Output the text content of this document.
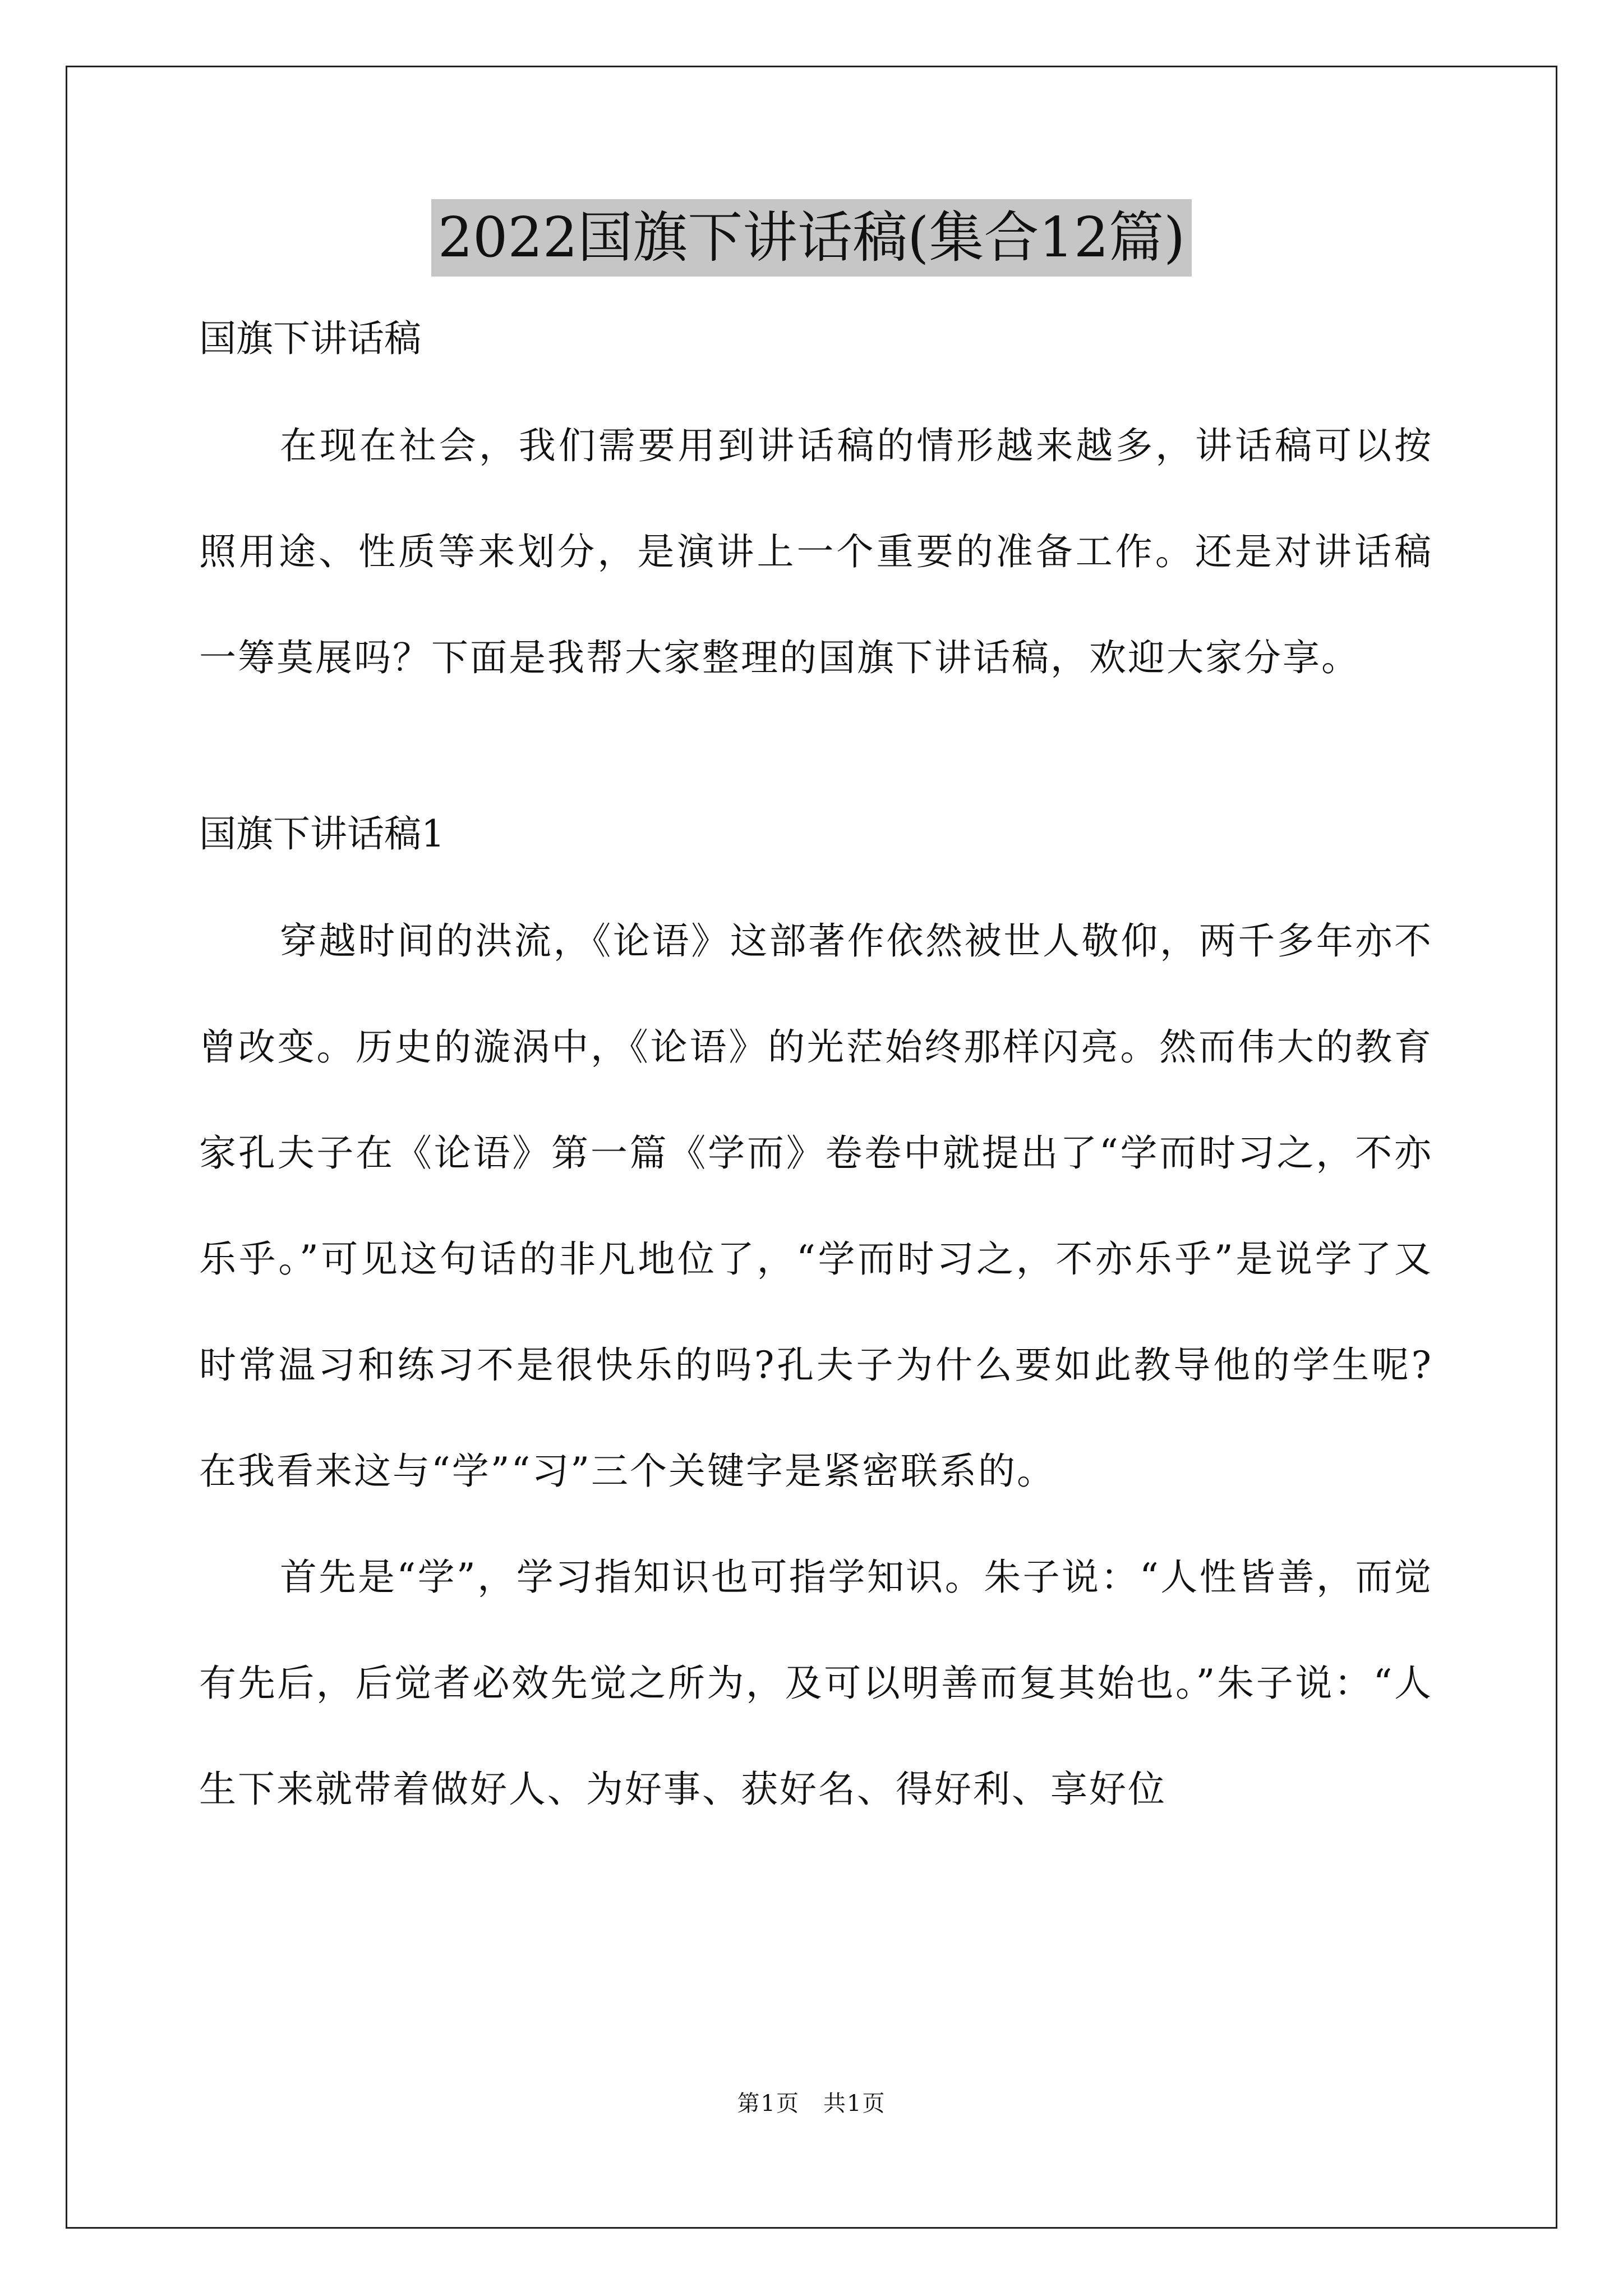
2022国旗下讲话稿(集合12篇)

国旗下讲话稿

在现在社会，我们需要用到讲话稿的情形越来越多，讲话稿可以按照用途、性质等来划分，是演讲上一个重要的准备工作。还是对讲话稿一筹莫展吗？下面是我帮大家整理的国旗下讲话稿，欢迎大家分享。

国旗下讲话稿1

穿越时间的洪流，《论语》这部著作依然被世人敬仰，两千多年亦不曾改变。历史的漩涡中，《论语》的光茫始终那样闪亮。然而伟大的教育家孔夫子在《论语》第一篇《学而》卷卷中就提出了“学而时习之，不亦乐乎。”可见这句话的非凡地位了，“学而时习之，不亦乐乎”是说学了又时常温习和练习不是很快乐的吗?孔夫子为什么要如此教导他的学生呢?在我看来这与“学”“习”三个关键字是紧密联系的。

首先是“学”，学习指知识也可指学知识。朱子说：“人性皆善，而觉有先后，后觉者必效先觉之所为，及可以明善而复其始也。”朱子说：“人生下来就带着做好人、为好事、获好名、得好利、享好位

第1页　共1页
